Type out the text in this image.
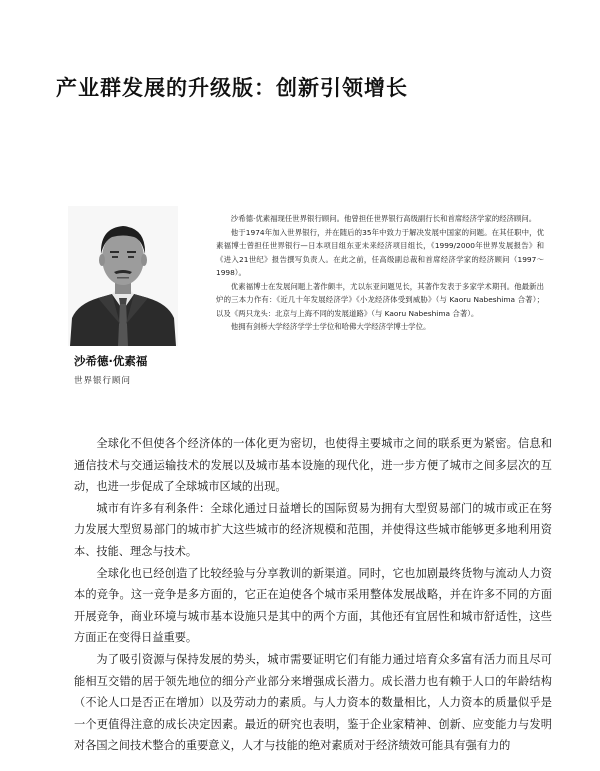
产业群发展的升级版：创新引领增长
沙希德·优素福
世界银行顾问

沙希德·优素福现任世界银行顾问。他曾担任世界银行高级副行长和首席经济学家的经济顾问。

他于1974年加入世界银行，并在随后的35年中致力于解决发展中国家的问题。在其任职中，优素福博士曾担任世界银行—日本项目组东亚未来经济项目组长，《1999/2000年世界发展报告》和《进入21世纪》报告撰写负责人。在此之前，任高级副总裁和首席经济学家的经济顾问（1997～1998）。

优素福博士在发展问题上著作颇丰，尤以东亚问题见长，其著作发表于多家学术期刊。他最新出炉的三本力作有：《近几十年发展经济学》《小龙经济体受到威胁》（与 Kaoru Nabeshima 合著）；以及《两只龙头：北京与上海不同的发展道路》（与 Kaoru Nabeshima 合著）。

他拥有剑桥大学经济学学士学位和哈佛大学经济学博士学位。

全球化不但使各个经济体的一体化更为密切，也使得主要城市之间的联系更为紧密。信息和通信技术与交通运输技术的发展以及城市基本设施的现代化，进一步方便了城市之间多层次的互动，也进一步促成了全球城市区域的出现。

城市有许多有利条件：全球化通过日益增长的国际贸易为拥有大型贸易部门的城市或正在努力发展大型贸易部门的城市扩大这些城市的经济规模和范围，并使得这些城市能够更多地利用资本、技能、理念与技术。

全球化也已经创造了比较经验与分享教训的新渠道。同时，它也加剧最终货物与流动人力资本的竞争。这一竞争是多方面的，它正在迫使各个城市采用整体发展战略，并在许多不同的方面开展竞争，商业环境与城市基本设施只是其中的两个方面，其他还有宜居性和城市舒适性，这些方面正在变得日益重要。

为了吸引资源与保持发展的势头，城市需要证明它们有能力通过培育众多富有活力而且尽可能相互交错的居于领先地位的细分产业部分来增强成长潜力。成长潜力也有赖于人口的年龄结构（不论人口是否正在增加）以及劳动力的素质。与人力资本的数量相比，人力资本的质量似乎是一个更值得注意的成长决定因素。最近的研究也表明，鉴于企业家精神、创新、应变能力与发明对各国之间技术整合的重要意义，人才与技能的绝对素质对于经济绩效可能具有强有力的
